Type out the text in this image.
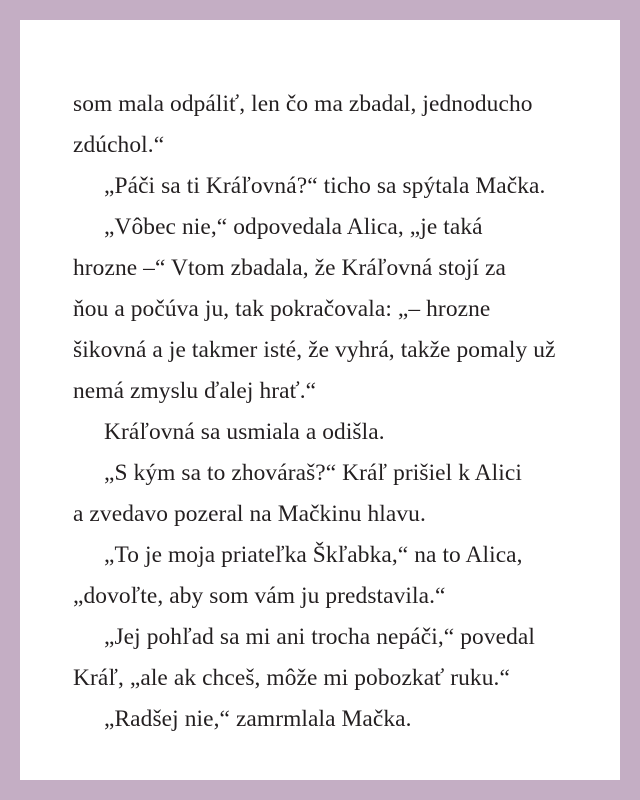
som mala odpáliť, len čo ma zbadal, jednoducho
zdúchol.“
„Páči sa ti Kráľovná?“ ticho sa spýtala Mačka.
„Vôbec nie,“ odpovedala Alica, „je taká
hrozne –“ Vtom zbadala, že Kráľovná stojí za
ňou a počúva ju, tak pokračovala: „– hrozne
šikovná a je takmer isté, že vyhrá, takže pomaly už
nemá zmyslu ďalej hrať.“
Kráľovná sa usmiala a odišla.
„S kým sa to zhováraš?“ Kráľ prišiel k Alici
a zvedavo pozeral na Mačkinu hlavu.
„To je moja priateľka Škľabka,“ na to Alica,
„dovoľte, aby som vám ju predstavila.“
„Jej pohľad sa mi ani trocha nepáči,“ povedal
Kráľ, „ale ak chceš, môže mi pobozkať ruku.“
„Radšej nie,“ zamrmlala Mačka.
